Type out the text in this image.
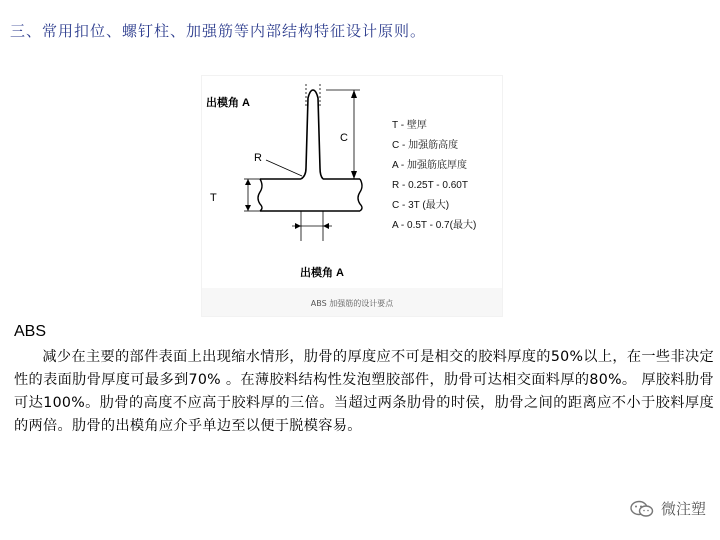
三、常用扣位、螺钉柱、加强筋等内部结构特征设计原则。
出模角 A
出模角 A
C
R
T
T - 壁厚
C - 加强筋高度
A - 加强筋底厚度
R - 0.25T - 0.60T
C - 3T (最大)
A - 0.5T - 0.7(最大)
ABS 加强筋的设计要点
ABS
减少在主要的部件表面上出现缩水情形，肋骨的厚度应不可是相交的胶料厚度的50%以上，在一些非决定性的表面肋骨厚度可最多到70% 。在薄胶料结构性发泡塑胶部件，肋骨可达相交面料厚的80%。 厚胶料肋骨可达100%。肋骨的高度不应高于胶料厚的三倍。当超过两条肋骨的时侯，肋骨之间的距离应不小于胶料厚度的两倍。肋骨的出模角应介乎单边至以便于脱模容易。
微注塑
